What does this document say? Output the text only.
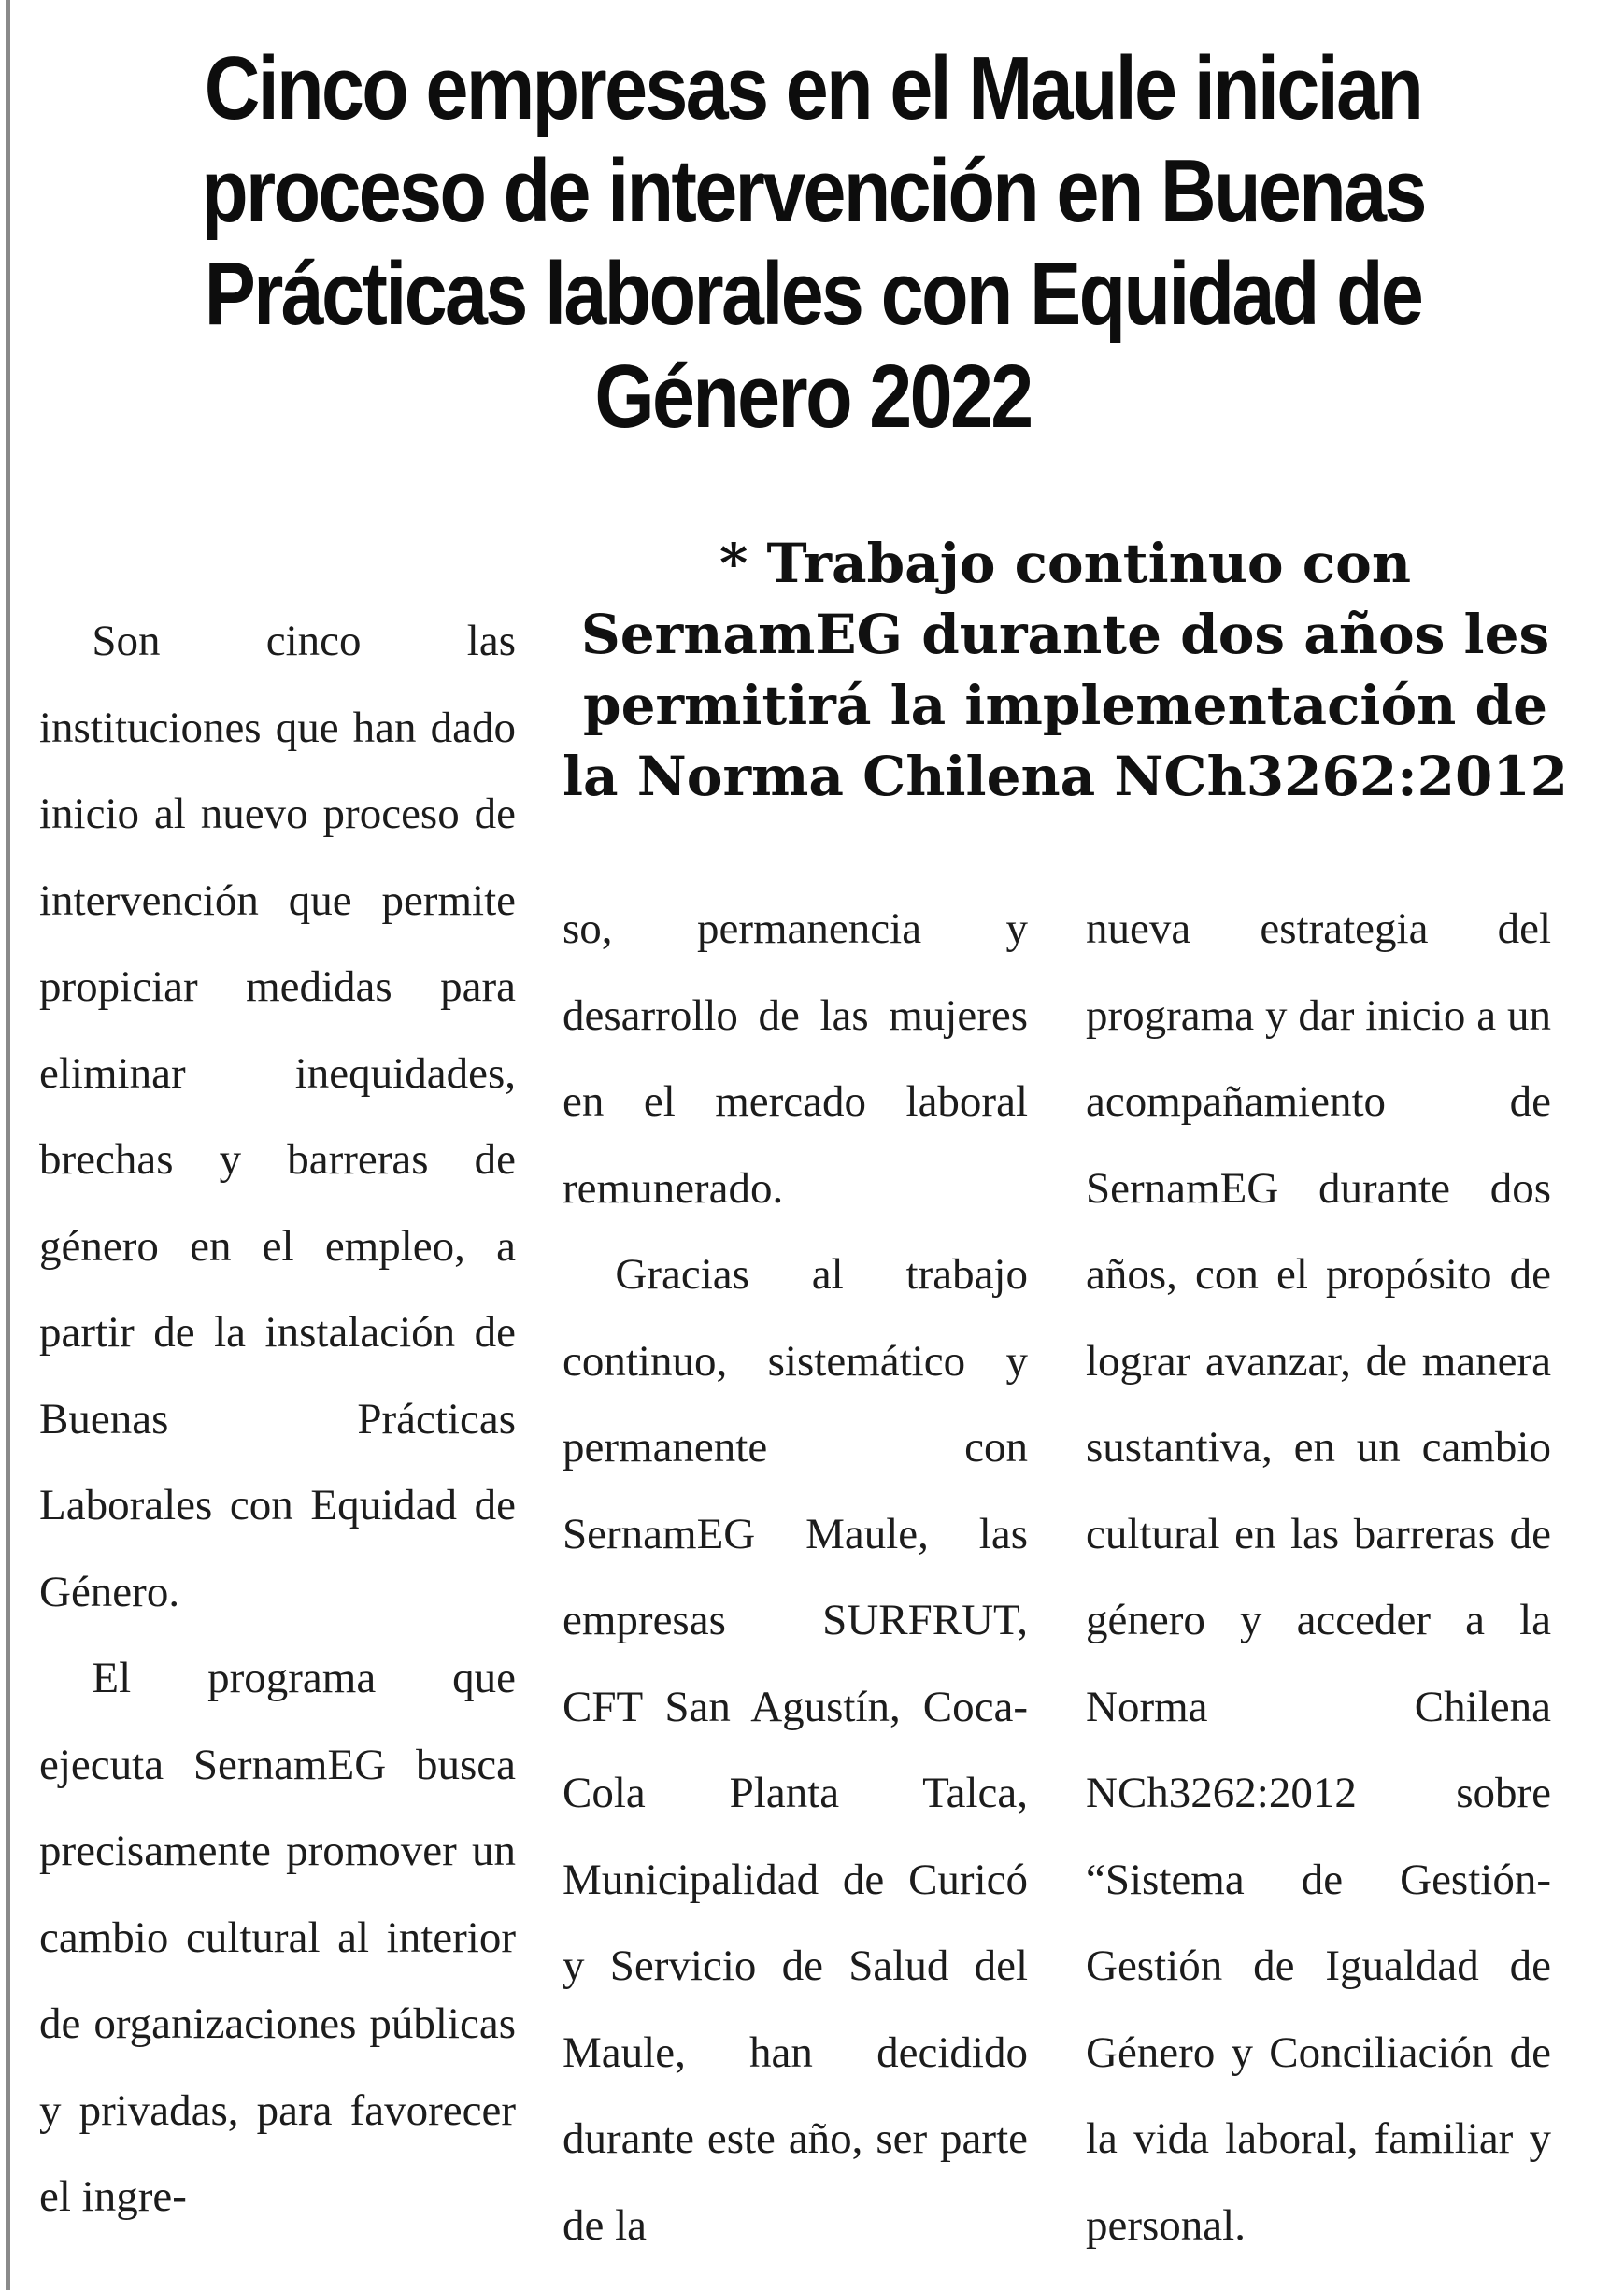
Cinco empresas en el Maule inician proceso de intervención en Buenas Prácticas laborales con Equidad de Género 2022
* Trabajo continuo con SernamEG durante dos años les permitirá la implementación de la Norma Chilena NCh3262:2012

Son cinco las instituciones que han dado inicio al nuevo proceso de intervención que permite propiciar medidas para eliminar inequidades, brechas y barreras de género en el empleo, a partir de la instalación de Buenas Prácticas Laborales con Equidad de Género.

El programa que ejecuta SernamEG busca precisamente promover un cambio cultural al interior de organizaciones públicas y privadas, para favorecer el ingre-

so, permanencia y desarrollo de las mujeres en el mercado laboral remunerado.

Gracias al trabajo continuo, sistemático y permanente con SernamEG Maule, las empresas SURFRUT, CFT San Agustín, Coca-Cola Planta Talca, Municipalidad de Curicó y Servicio de Salud del Maule, han decidido durante este año, ser parte de la

nueva estrategia del programa y dar inicio a un acompañamiento de SernamEG durante dos años, con el propósito de lograr avanzar, de manera sustantiva, en un cambio cultural en las barreras de género y acceder a la Norma Chilena NCh3262:2012 sobre “Sistema de Gestión-Gestión de Igualdad de Género y Conciliación de la vida laboral, familiar y personal.
